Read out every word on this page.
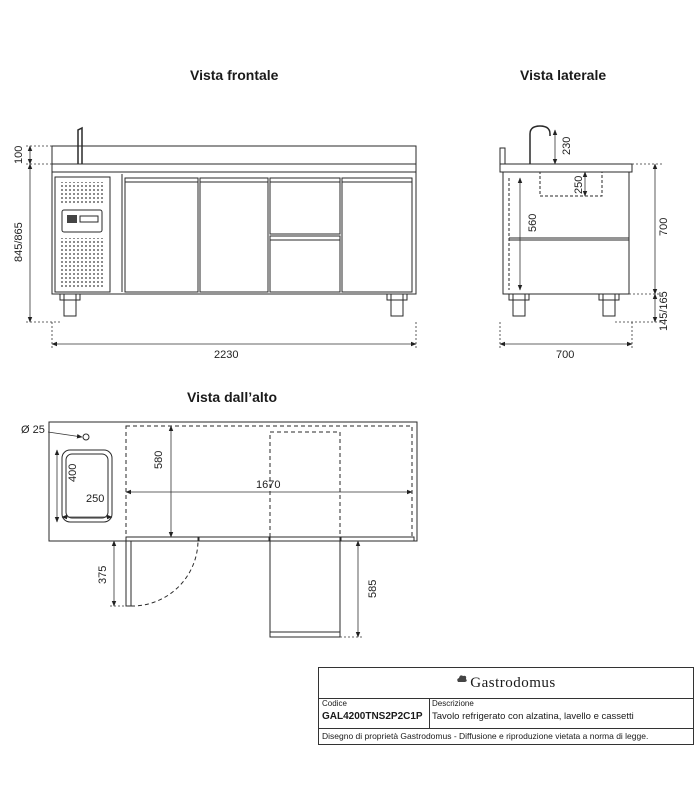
Vista frontale	Vista laterale
Vista dall’alto
100
845/865
2230
230
250
560	700
145/165
700
Ø 25
400
250
580
1670
375
585
Gastrodomus
Codice
GAL4200TNS2P2C1P
Descrizione
Tavolo refrigerato con alzatina, lavello e cassetti
Disegno di proprietà Gastrodomus - Diffusione e riproduzione vietata a norma di legge.
